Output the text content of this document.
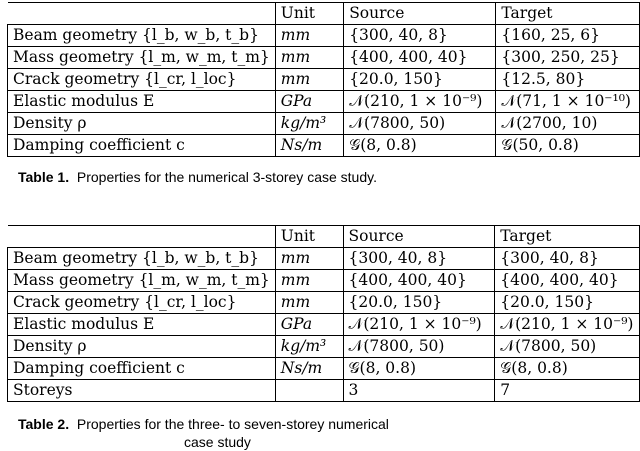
	Unit	Source	Target
Beam geometry {l_b, w_b, t_b}	mm	{300, 40, 8}	{160, 25, 6}
Mass geometry {l_m, w_m, t_m}	mm	{400, 400, 40}	{300, 250, 25}
Crack geometry {l_cr, l_loc}	mm	{20.0, 150}	{12.5, 80}
Elastic modulus E	GPa	𝒩(210, 1 × 10⁻⁹)	𝒩(71, 1 × 10⁻¹⁰)
Density ρ	kg/m³	𝒩(7800, 50)	𝒩(2700, 10)
Damping coefficient c	Ns/m	𝒢(8, 0.8)	𝒢(50, 0.8)
Table 1. Properties for the numerical 3-storey case study.
	Unit	Source	Target
Beam geometry {l_b, w_b, t_b}	mm	{300, 40, 8}	{300, 40, 8}
Mass geometry {l_m, w_m, t_m}	mm	{400, 400, 40}	{400, 400, 40}
Crack geometry {l_cr, l_loc}	mm	{20.0, 150}	{20.0, 150}
Elastic modulus E	GPa	𝒩(210, 1 × 10⁻⁹)	𝒩(210, 1 × 10⁻⁹)
Density ρ	kg/m³	𝒩(7800, 50)	𝒩(7800, 50)
Damping coefficient c	Ns/m	𝒢(8, 0.8)	𝒢(8, 0.8)
Storeys		3	7
Table 2. Properties for the three- to seven-storey numerical
case study
